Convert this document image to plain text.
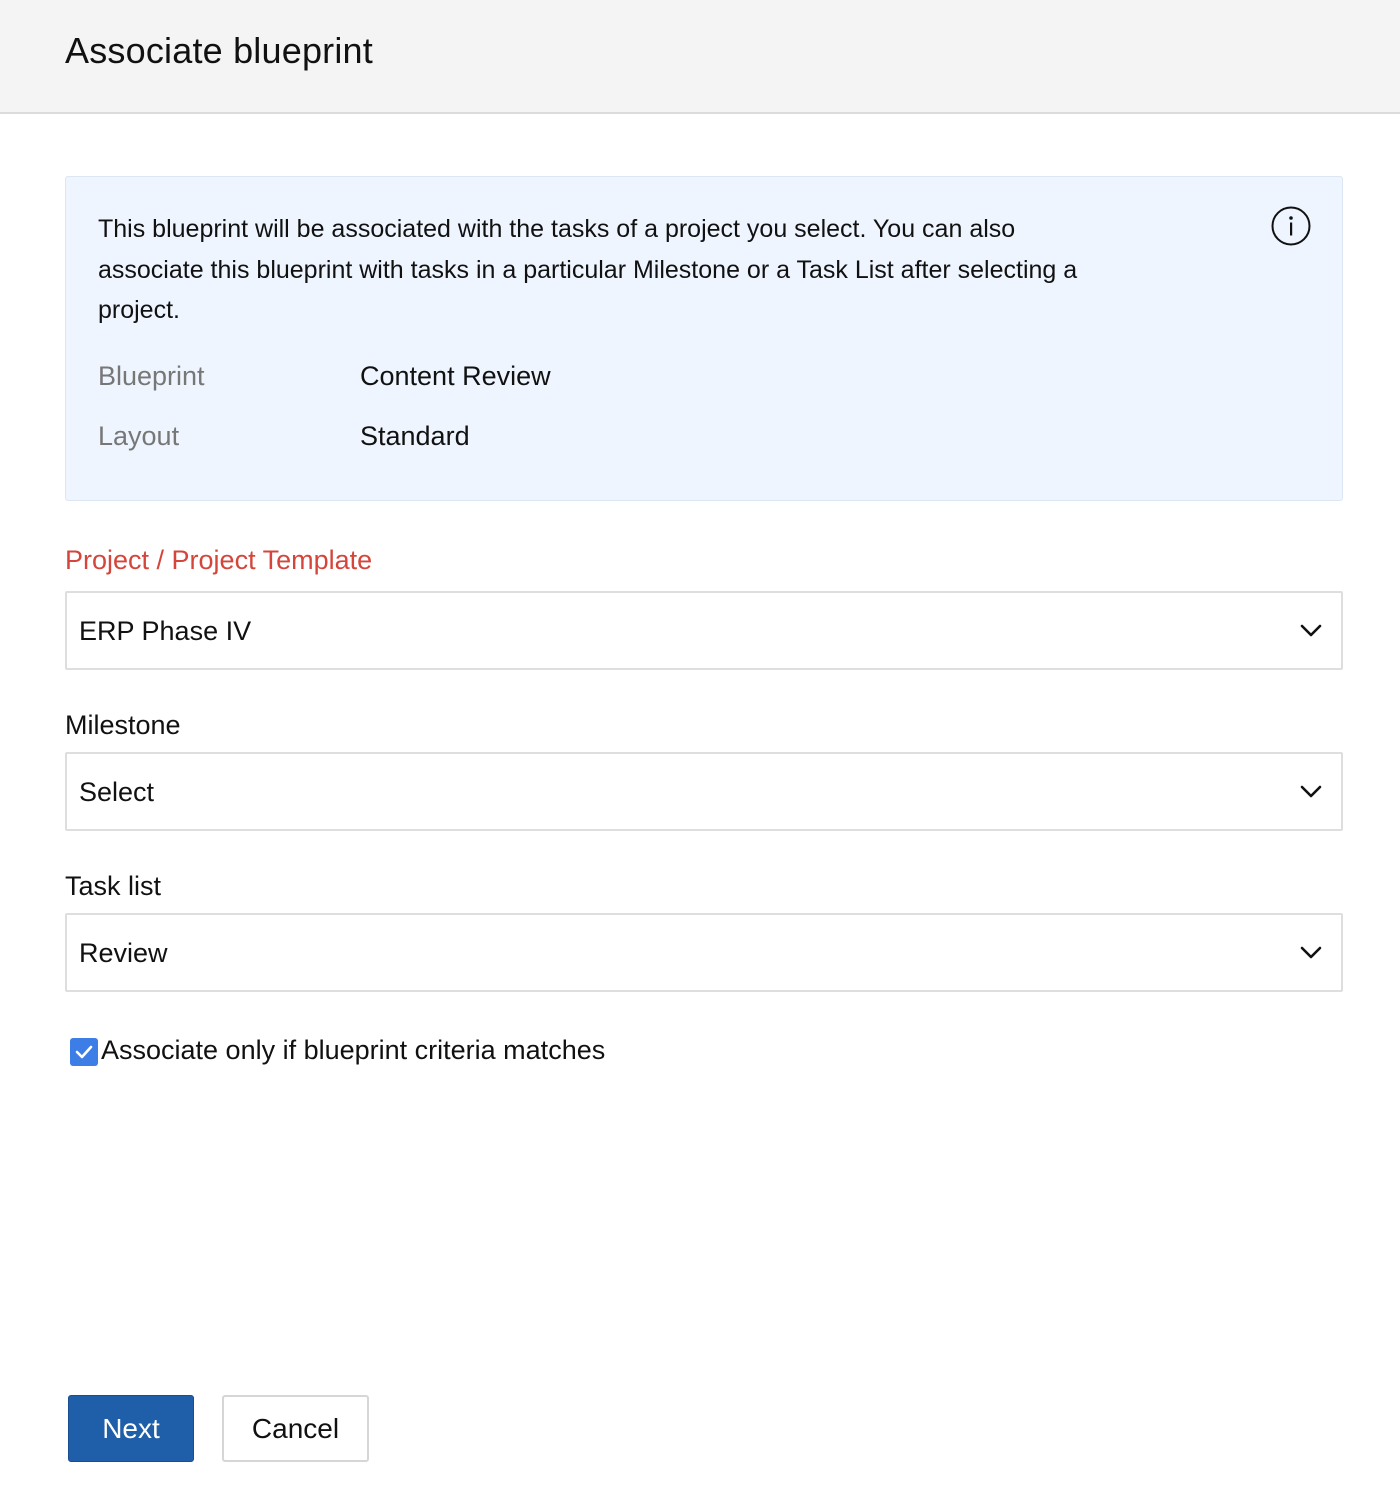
Associate blueprint
This blueprint will be associated with the tasks of a project you select. You can also associate this blueprint with tasks in a particular Milestone or a Task List after selecting a project.
Blueprint	Content Review
Layout	Standard
Project / Project Template
ERP Phase IV
Milestone
Select
Task list
Review
Associate only if blueprint criteria matches
Next	Cancel
